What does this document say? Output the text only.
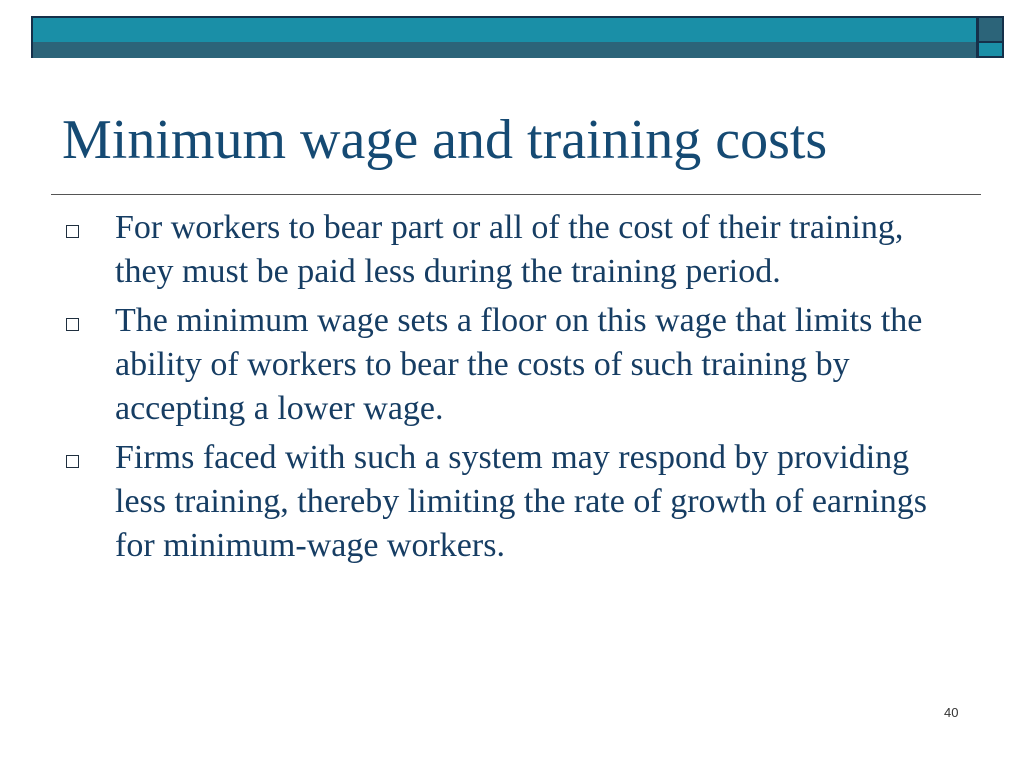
Minimum wage and training costs
For workers to bear part or all of the cost of their training, they must be paid less during the training period.
The minimum wage sets a floor on this wage that limits the ability of workers to bear the costs of such training by accepting a lower wage.
Firms faced with such a system may respond by providing less training, thereby limiting the rate of growth of earnings for minimum-wage workers.
40
